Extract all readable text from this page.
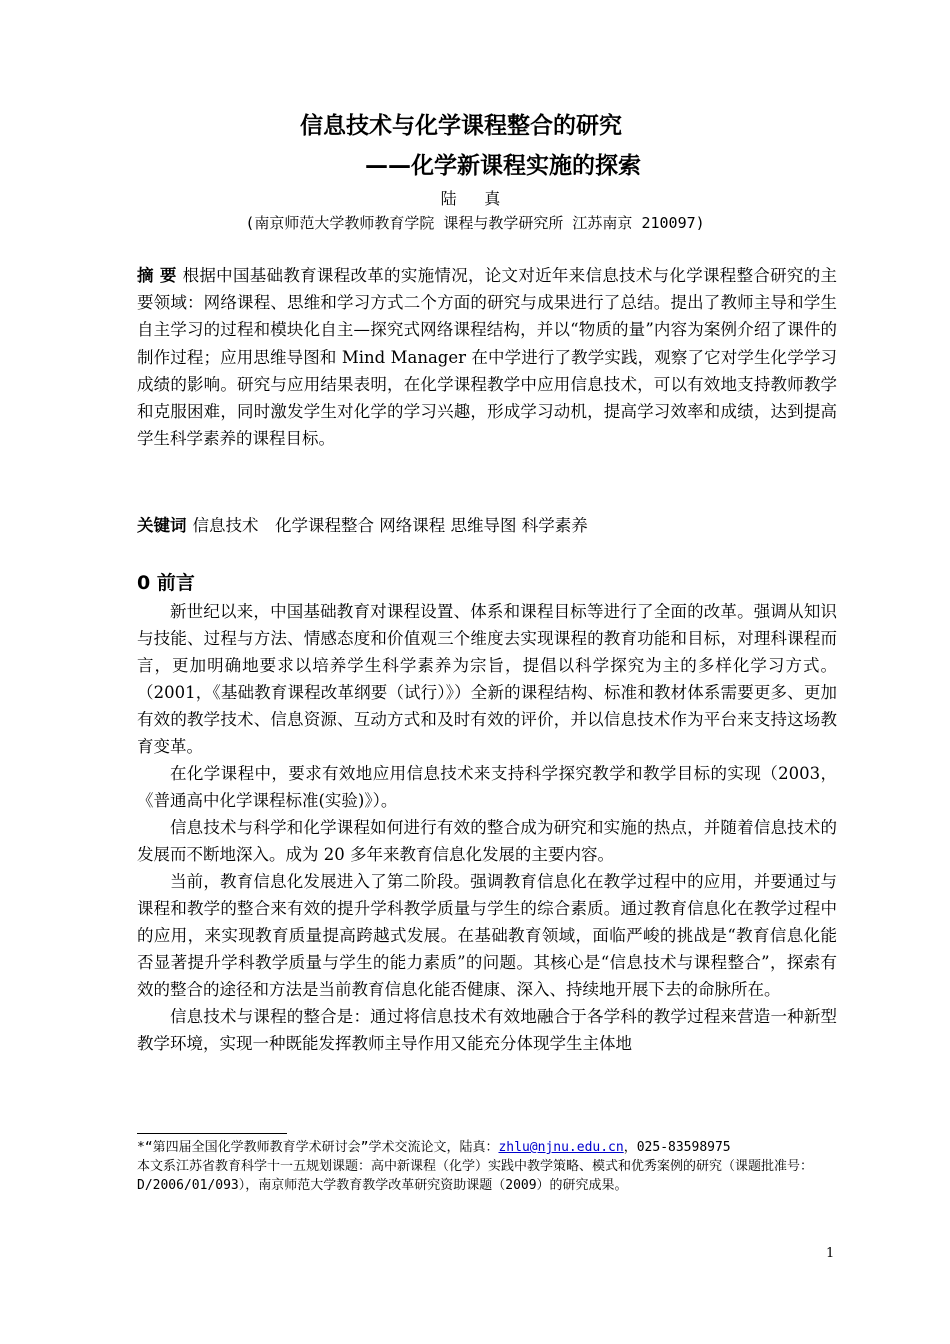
信息技术与化学课程整合的研究
——化学新课程实施的探索
陆 真
(南京师范大学教师教育学院 课程与教学研究所 江苏南京 210097)
摘 要 根据中国基础教育课程改革的实施情况，论文对近年来信息技术与化学课程整合研究的主要领域：网络课程、思维和学习方式二个方面的研究与成果进行了总结。提出了教师主导和学生自主学习的过程和模块化自主—探究式网络课程结构，并以“物质的量”内容为案例介绍了课件的制作过程；应用思维导图和 Mind Manager 在中学进行了教学实践，观察了它对学生化学学习成绩的影响。研究与应用结果表明，在化学课程教学中应用信息技术，可以有效地支持教师教学和克服困难，同时激发学生对化学的学习兴趣，形成学习动机，提高学习效率和成绩，达到提高学生科学素养的课程目标。
关键词 信息技术　化学课程整合 网络课程 思维导图 科学素养
0 前言

新世纪以来，中国基础教育对课程设置、体系和课程目标等进行了全面的改革。强调从知识与技能、过程与方法、情感态度和价值观三个维度去实现课程的教育功能和目标，对理科课程而言，更加明确地要求以培养学生科学素养为宗旨，提倡以科学探究为主的多样化学习方式。（2001，《基础教育课程改革纲要（试行）》）全新的课程结构、标准和教材体系需要更多、更加有效的教学技术、信息资源、互动方式和及时有效的评价，并以信息技术作为平台来支持这场教育变革。

在化学课程中，要求有效地应用信息技术来支持科学探究教学和教学目标的实现（2003，《普通高中化学课程标准(实验)》）。

信息技术与科学和化学课程如何进行有效的整合成为研究和实施的热点，并随着信息技术的发展而不断地深入。成为 20 多年来教育信息化发展的主要内容。

当前，教育信息化发展进入了第二阶段。强调教育信息化在教学过程中的应用，并要通过与课程和教学的整合来有效的提升学科教学质量与学生的综合素质。通过教育信息化在教学过程中的应用，来实现教育质量提高跨越式发展。在基础教育领域，面临严峻的挑战是“教育信息化能否显著提升学科教学质量与学生的能力素质”的问题。其核心是“信息技术与课程整合”，探索有效的整合的途径和方法是当前教育信息化能否健康、深入、持续地开展下去的命脉所在。

信息技术与课程的整合是：通过将信息技术有效地融合于各学科的教学过程来营造一种新型教学环境，实现一种既能发挥教师主导作用又能充分体现学生主体地

*“第四届全国化学教师教育学术研讨会”学术交流论文，陆真：zhlu@njnu.edu.cn，025-83598975

本文系江苏省教育科学十一五规划课题：高中新课程（化学）实践中教学策略、模式和优秀案例的研究（课题批准号：D/2006/01/093），南京师范大学教育教学改革研究资助课题（2009）的研究成果。

1
